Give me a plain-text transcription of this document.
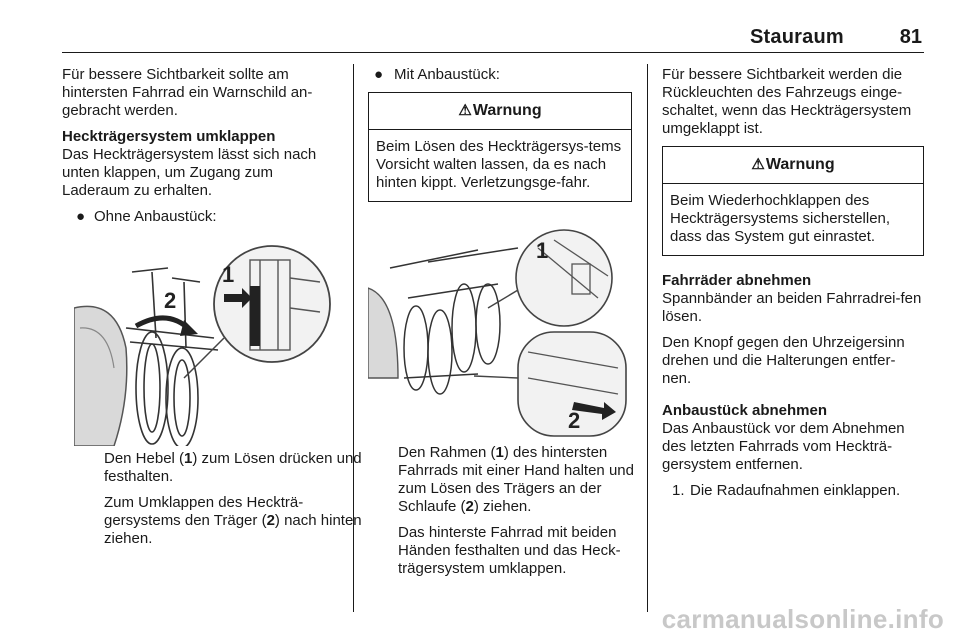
Stauraum	81

Für bessere Sichtbarkeit sollte am hintersten Fahrrad ein Warnschild an-gebracht werden.

Heckträgersystem umklappen

Das Heckträgersystem lässt sich nach unten klappen, um Zugang zum Laderaum zu erhalten.

● Ohne Anbaustück:

2
1

Den Hebel (1) zum Lösen drücken und festhalten.

Zum Umklappen des Heckträ-gersystems den Träger (2) nach hinten ziehen.

● Mit Anbaustück:

⚠ Warnung
Beim Lösen des Heckträgersys-tems Vorsicht walten lassen, da es nach hinten kippt. Verletzungsge-fahr.
1
2

Den Rahmen (1) des hintersten Fahrrads mit einer Hand halten und zum Lösen des Trägers an der Schlaufe (2) ziehen.

Das hinterste Fahrrad mit beiden Händen festhalten und das Heck-trägersystem umklappen.

Für bessere Sichtbarkeit werden die Rückleuchten des Fahrzeugs einge-schaltet, wenn das Heckträgersystem umgeklappt ist.

⚠ Warnung
Beim Wiederhochklappen des Heckträgersystems sicherstellen, dass das System gut einrastet.

Fahrräder abnehmen

Spannbänder an beiden Fahrradrei-fen lösen.

Den Knopf gegen den Uhrzeigersinn drehen und die Halterungen entfer-nen.

Anbaustück abnehmen

Das Anbaustück vor dem Abnehmen des letzten Fahrrads vom Heckträ-gersystem entfernen.

1. Die Radaufnahmen einklappen.

carmanualsonline.info
